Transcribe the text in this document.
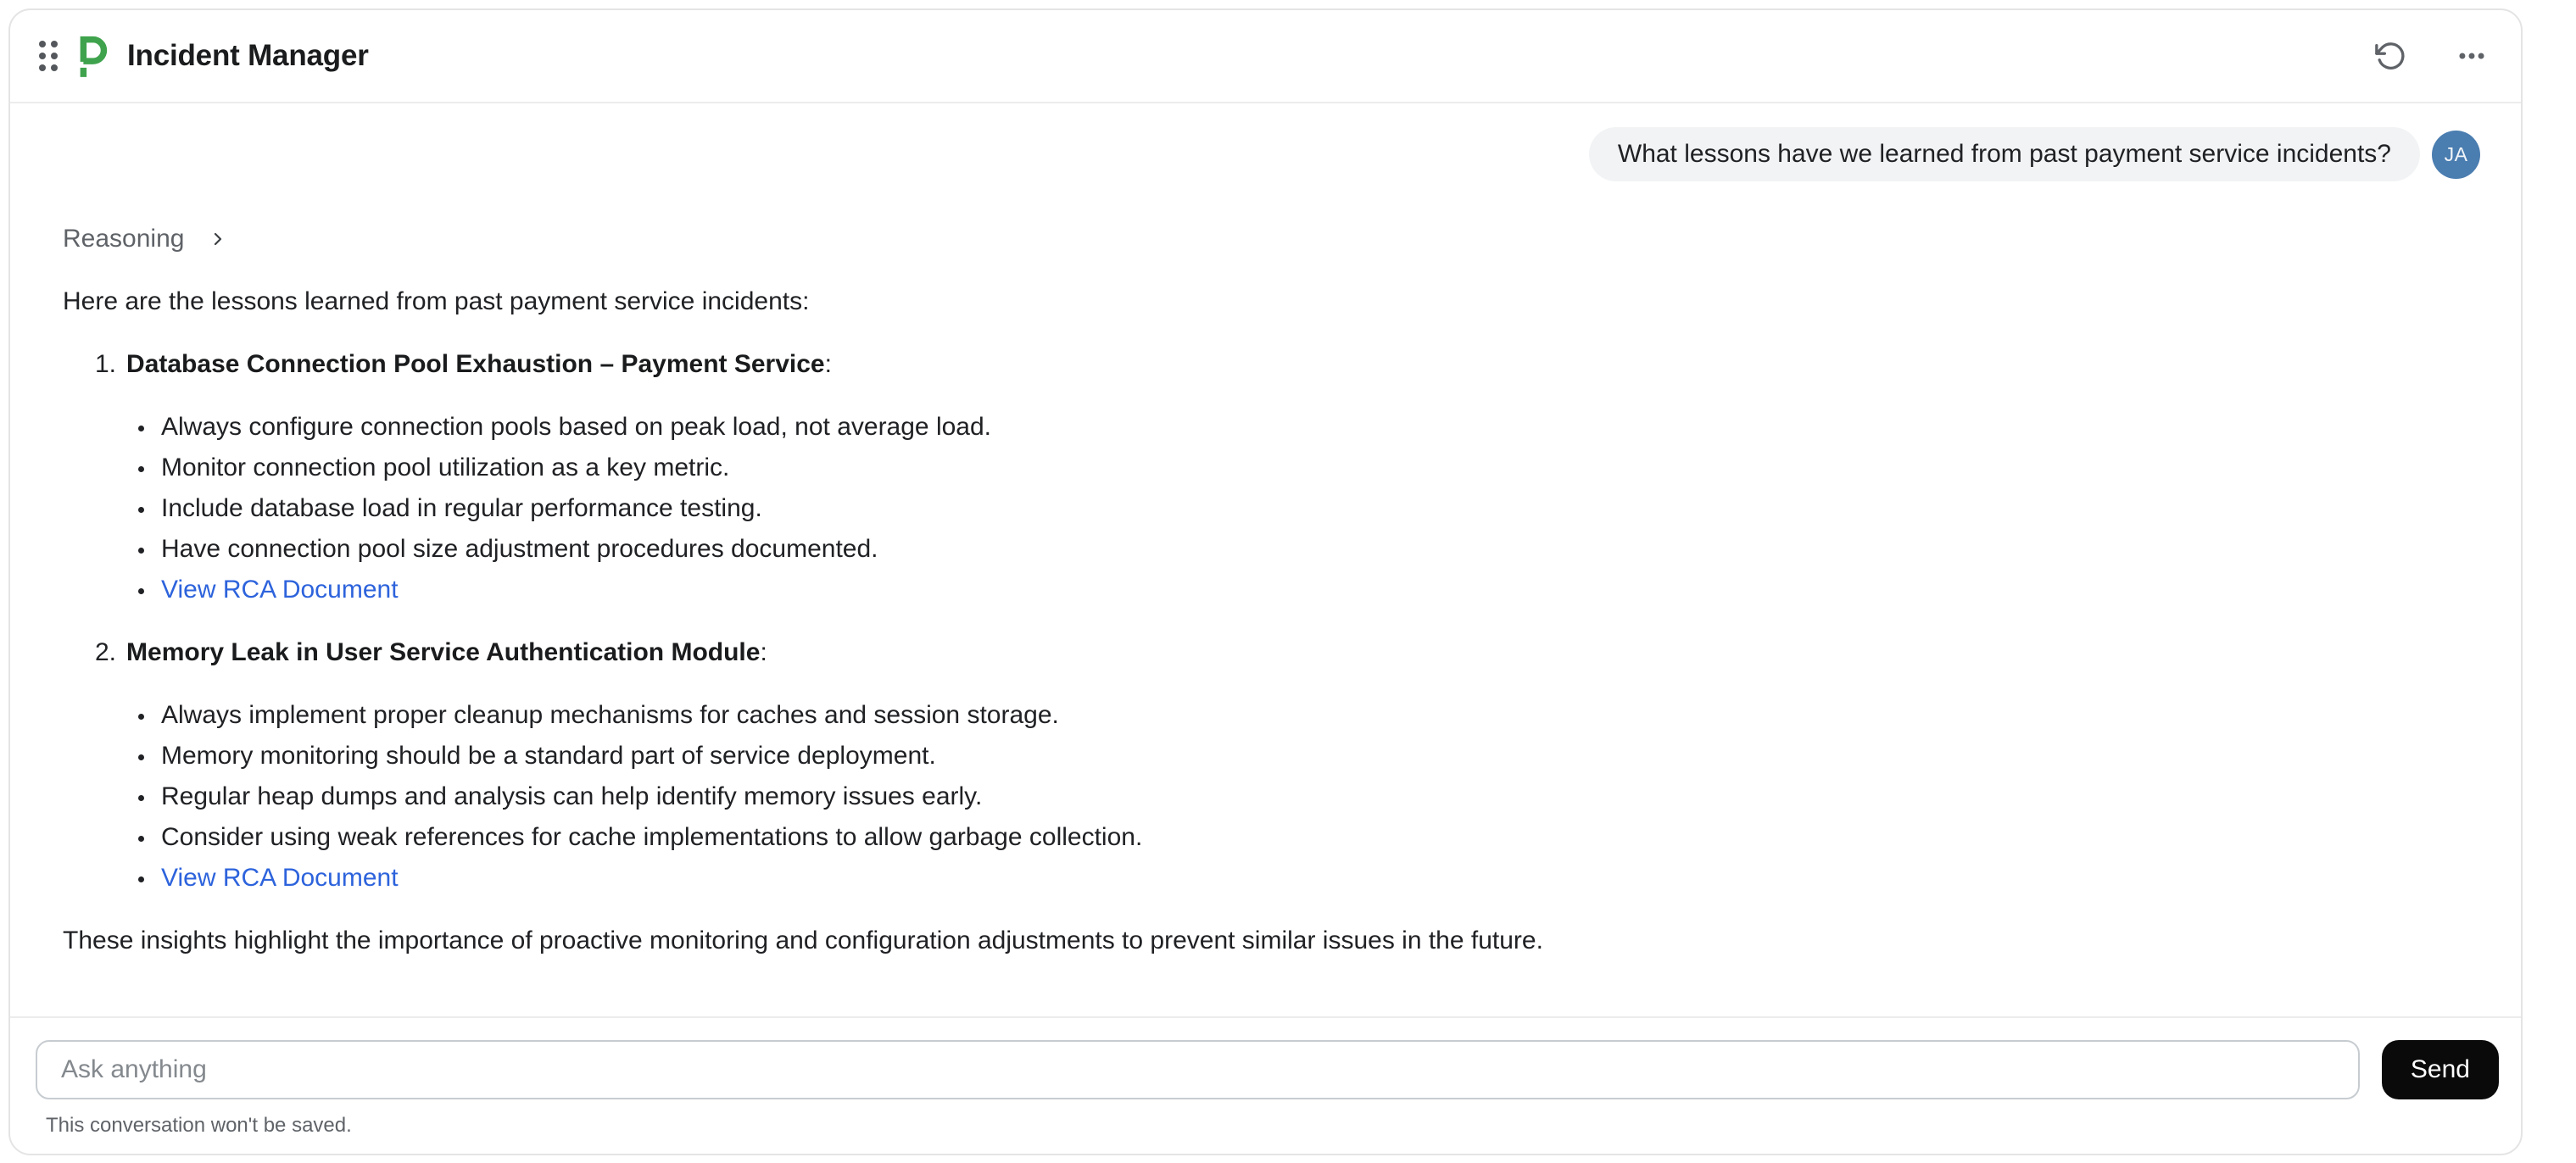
Incident Manager
What lessons have we learned from past payment service incidents?	JA
Reasoning
Here are the lessons learned from past payment service incidents:
1. Database Connection Pool Exhaustion – Payment Service:
• Always configure connection pools based on peak load, not average load.
• Monitor connection pool utilization as a key metric.
• Include database load in regular performance testing.
• Have connection pool size adjustment procedures documented.
• View RCA Document
2. Memory Leak in User Service Authentication Module:
• Always implement proper cleanup mechanisms for caches and session storage.
• Memory monitoring should be a standard part of service deployment.
• Regular heap dumps and analysis can help identify memory issues early.
• Consider using weak references for cache implementations to allow garbage collection.
• View RCA Document
These insights highlight the importance of proactive monitoring and configuration adjustments to prevent similar issues in the future.
Ask anything
Send
This conversation won't be saved.
